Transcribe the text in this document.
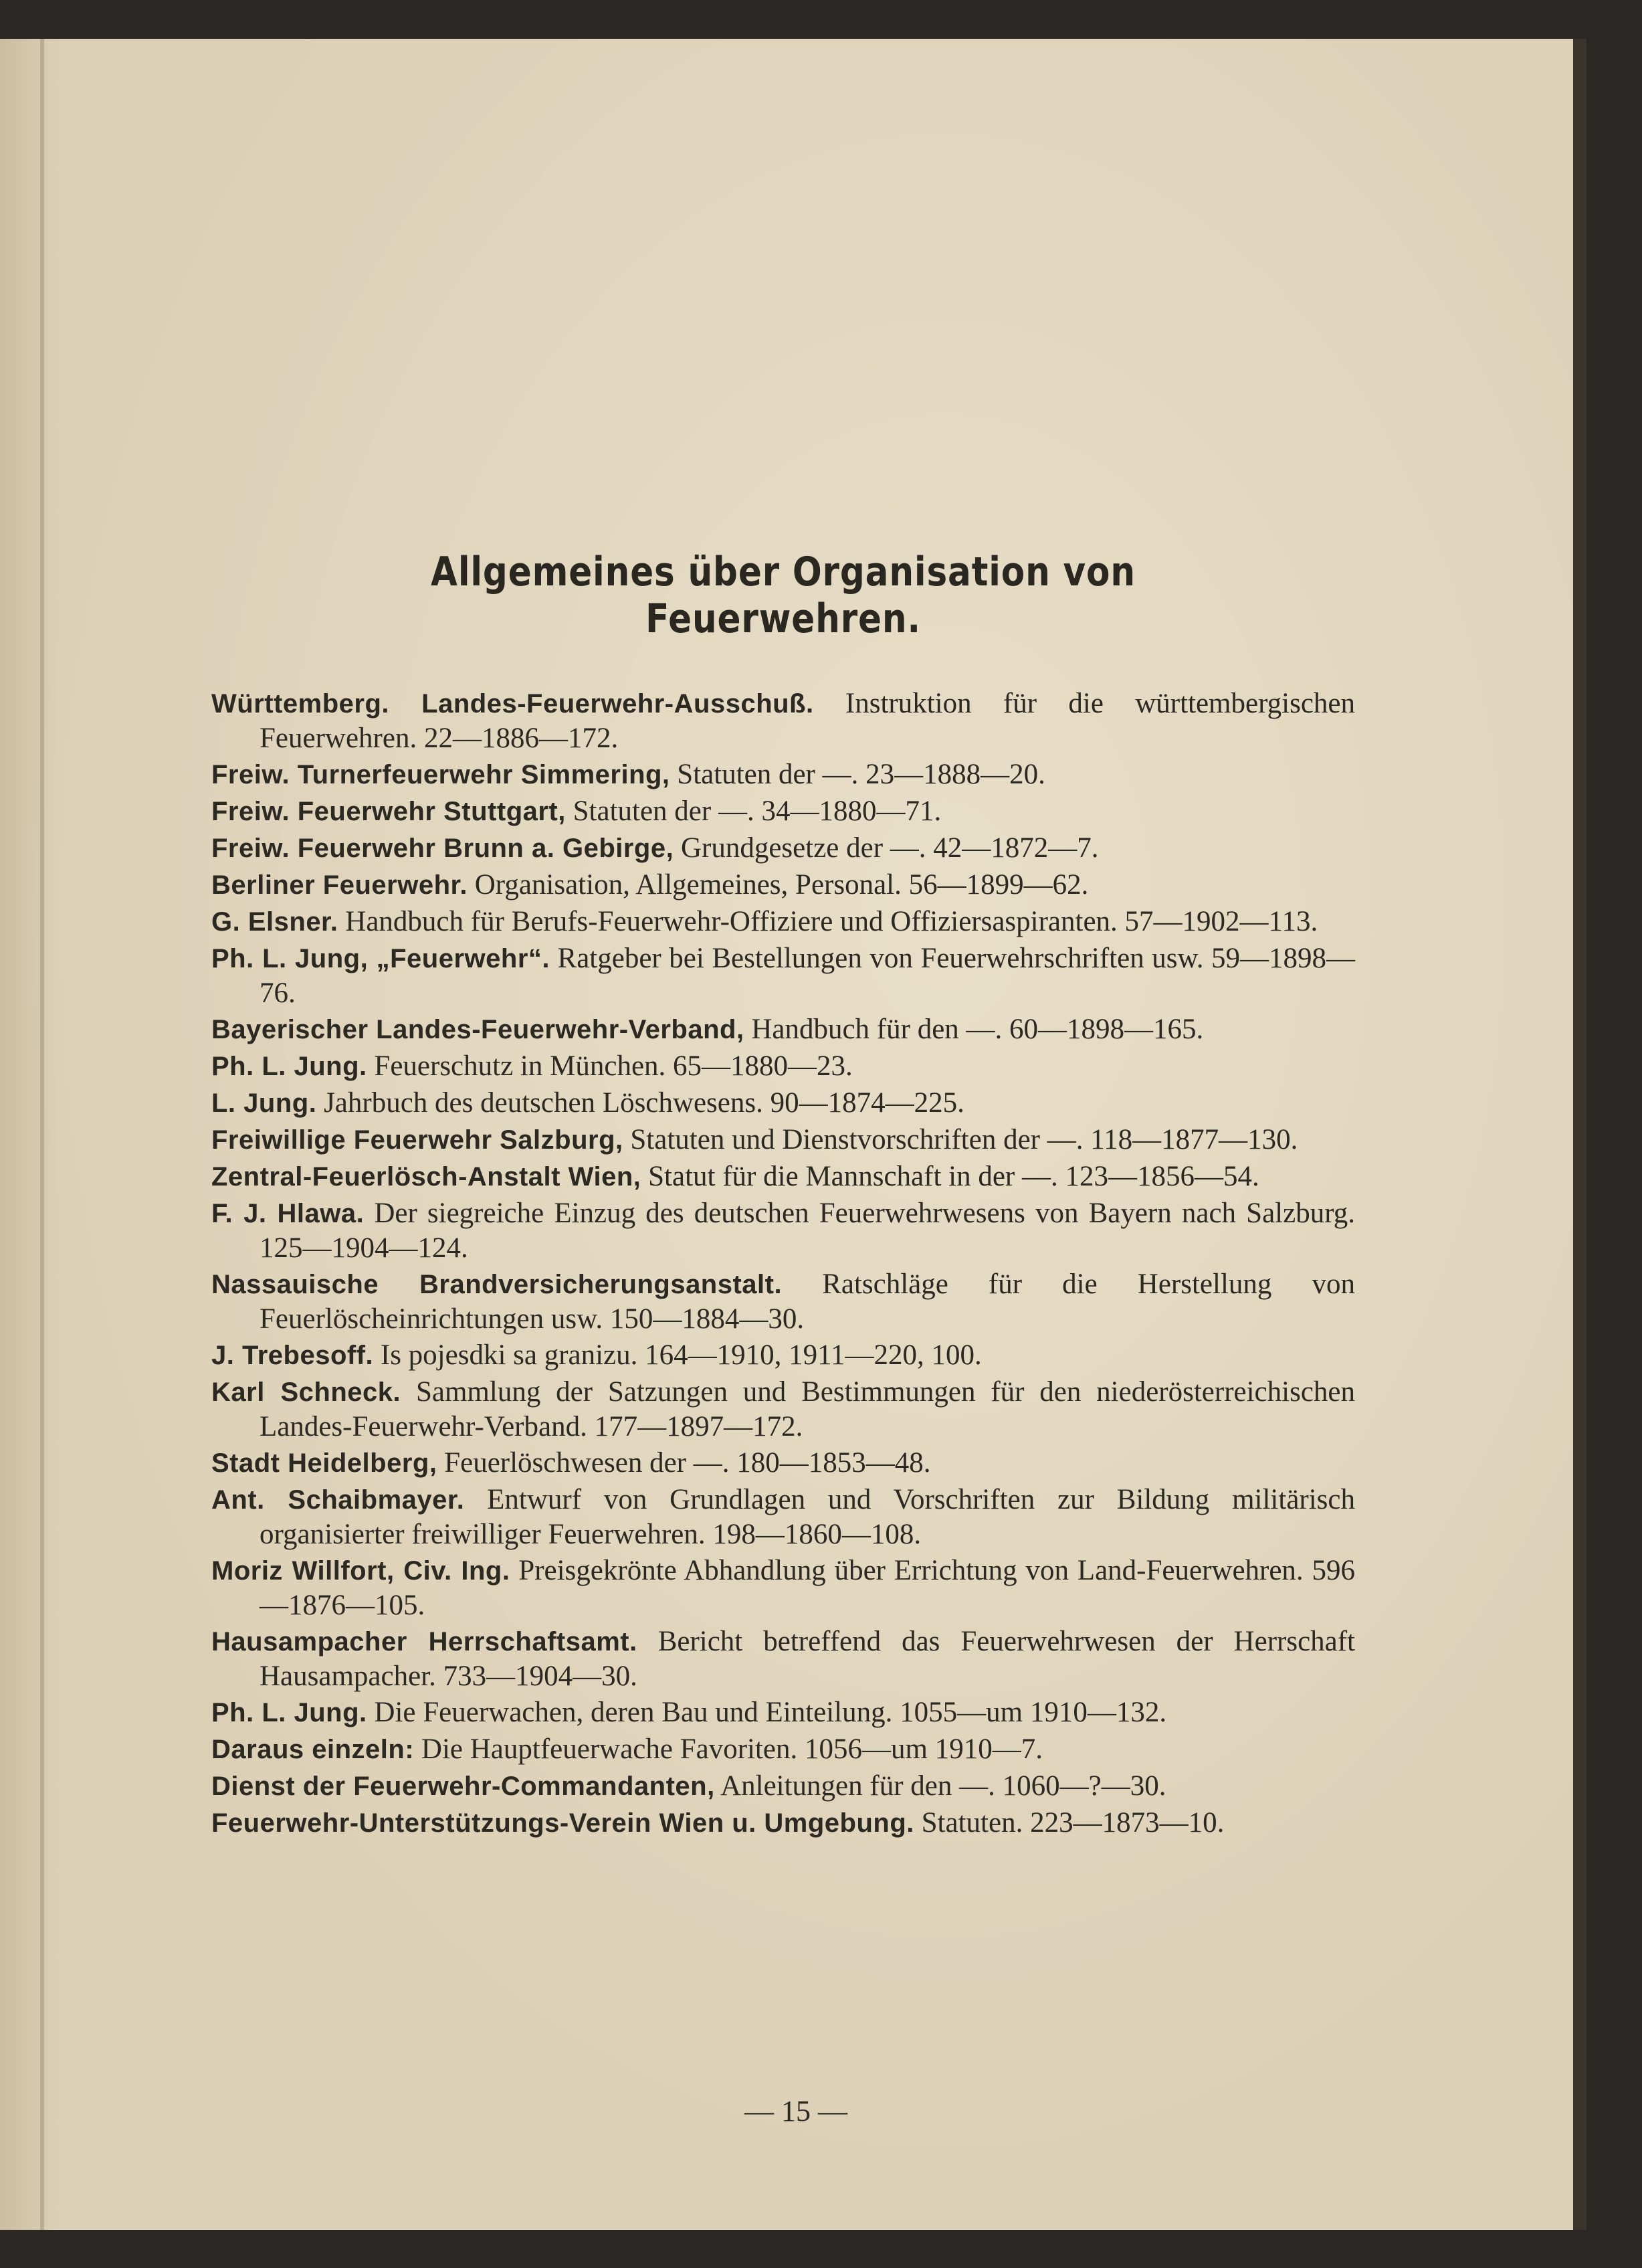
Allgemeines über Organisation von Feuerwehren.

Württemberg. Landes-Feuerwehr-Ausschuß. Instruktion für die württembergischen Feuerwehren. 22—1886—172.

Freiw. Turnerfeuerwehr Simmering, Statuten der —. 23—1888—20.

Freiw. Feuerwehr Stuttgart, Statuten der —. 34—1880—71.

Freiw. Feuerwehr Brunn a. Gebirge, Grundgesetze der —. 42—1872—7.

Berliner Feuerwehr. Organisation, Allgemeines, Personal. 56—1899—62.

G. Elsner. Handbuch für Berufs-Feuerwehr-Offiziere und Offiziersaspiranten. 57—1902—113.

Ph. L. Jung, „Feuerwehr“. Ratgeber bei Bestellungen von Feuerwehrschriften usw. 59—1898—76.

Bayerischer Landes-Feuerwehr-Verband, Handbuch für den —. 60—1898—165.

Ph. L. Jung. Feuerschutz in München. 65—1880—23.

L. Jung. Jahrbuch des deutschen Löschwesens. 90—1874—225.

Freiwillige Feuerwehr Salzburg, Statuten und Dienstvorschriften der —. 118—1877—130.

Zentral-Feuerlösch-Anstalt Wien, Statut für die Mannschaft in der —. 123—1856—54.

F. J. Hlawa. Der siegreiche Einzug des deutschen Feuerwehrwesens von Bayern nach Salzburg. 125—1904—124.

Nassauische Brandversicherungsanstalt. Ratschläge für die Herstellung von Feuerlöscheinrichtungen usw. 150—1884—30.

J. Trebesoff. Is pojesdki sa granizu. 164—1910, 1911—220, 100.

Karl Schneck. Sammlung der Satzungen und Bestimmungen für den niederösterreichischen Landes-Feuerwehr-Verband. 177—1897—172.

Stadt Heidelberg, Feuerlöschwesen der —. 180—1853—48.

Ant. Schaibmayer. Entwurf von Grundlagen und Vorschriften zur Bildung militärisch organisierter freiwilliger Feuerwehren. 198—1860—108.

Moriz Willfort, Civ. Ing. Preisgekrönte Abhandlung über Errichtung von Land-Feuerwehren. 596—1876—105.

Hausampacher Herrschaftsamt. Bericht betreffend das Feuerwehrwesen der Herrschaft Hausampacher. 733—1904—30.

Ph. L. Jung. Die Feuerwachen, deren Bau und Einteilung. 1055—um 1910—132.

Daraus einzeln: Die Hauptfeuerwache Favoriten. 1056—um 1910—7.

Dienst der Feuerwehr-Commandanten, Anleitungen für den —. 1060—?—30.

Feuerwehr-Unterstützungs-Verein Wien u. Umgebung. Statuten. 223—1873—10.

— 15 —
